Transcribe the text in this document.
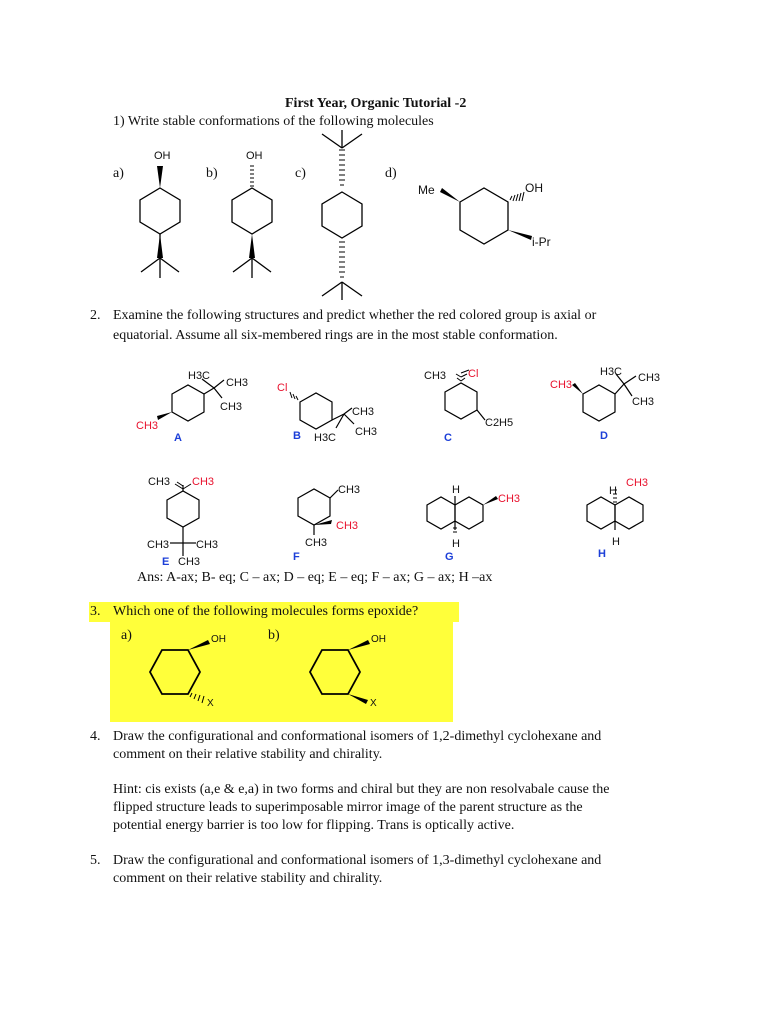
First Year, Organic Tutorial -2
1) Write stable conformations of the following molecules
a)	b)	c)	d)
OH	OH
Me	OH
i-Pr
2. Examine the following structures and predict whether the red colored group is axial or
equatorial. Assume all six-membered rings are in the most stable conformation.
H3C
CH3
CH3
CH3
A
Cl
CH3
CH3
H3C
B
CH3 Cl
C2H5
C
H3C CH3
CH3
CH3
D
CH3 CH3
CH3 CH3
E CH3
CH3
CH3
CH3
F
H
CH3
H
G
CH3
H
H
H
Ans: A-ax; B- eq; C – ax; D – eq; E – eq; F – ax; G – ax; H –ax
3. Which one of the following molecules forms epoxide?
a)	b)
OH
X
OH
X
4. Draw the configurational and conformational isomers of 1,2-dimethyl cyclohexane and
comment on their relative stability and chirality.
Hint: cis exists (a,e & e,a) in two forms and chiral but they are non resolvabale cause the
flipped structure leads to superimposable mirror image of the parent structure as the
potential energy barrier is too low for flipping. Trans is optically active.
5. Draw the configurational and conformational isomers of 1,3-dimethyl cyclohexane and
comment on their relative stability and chirality.
